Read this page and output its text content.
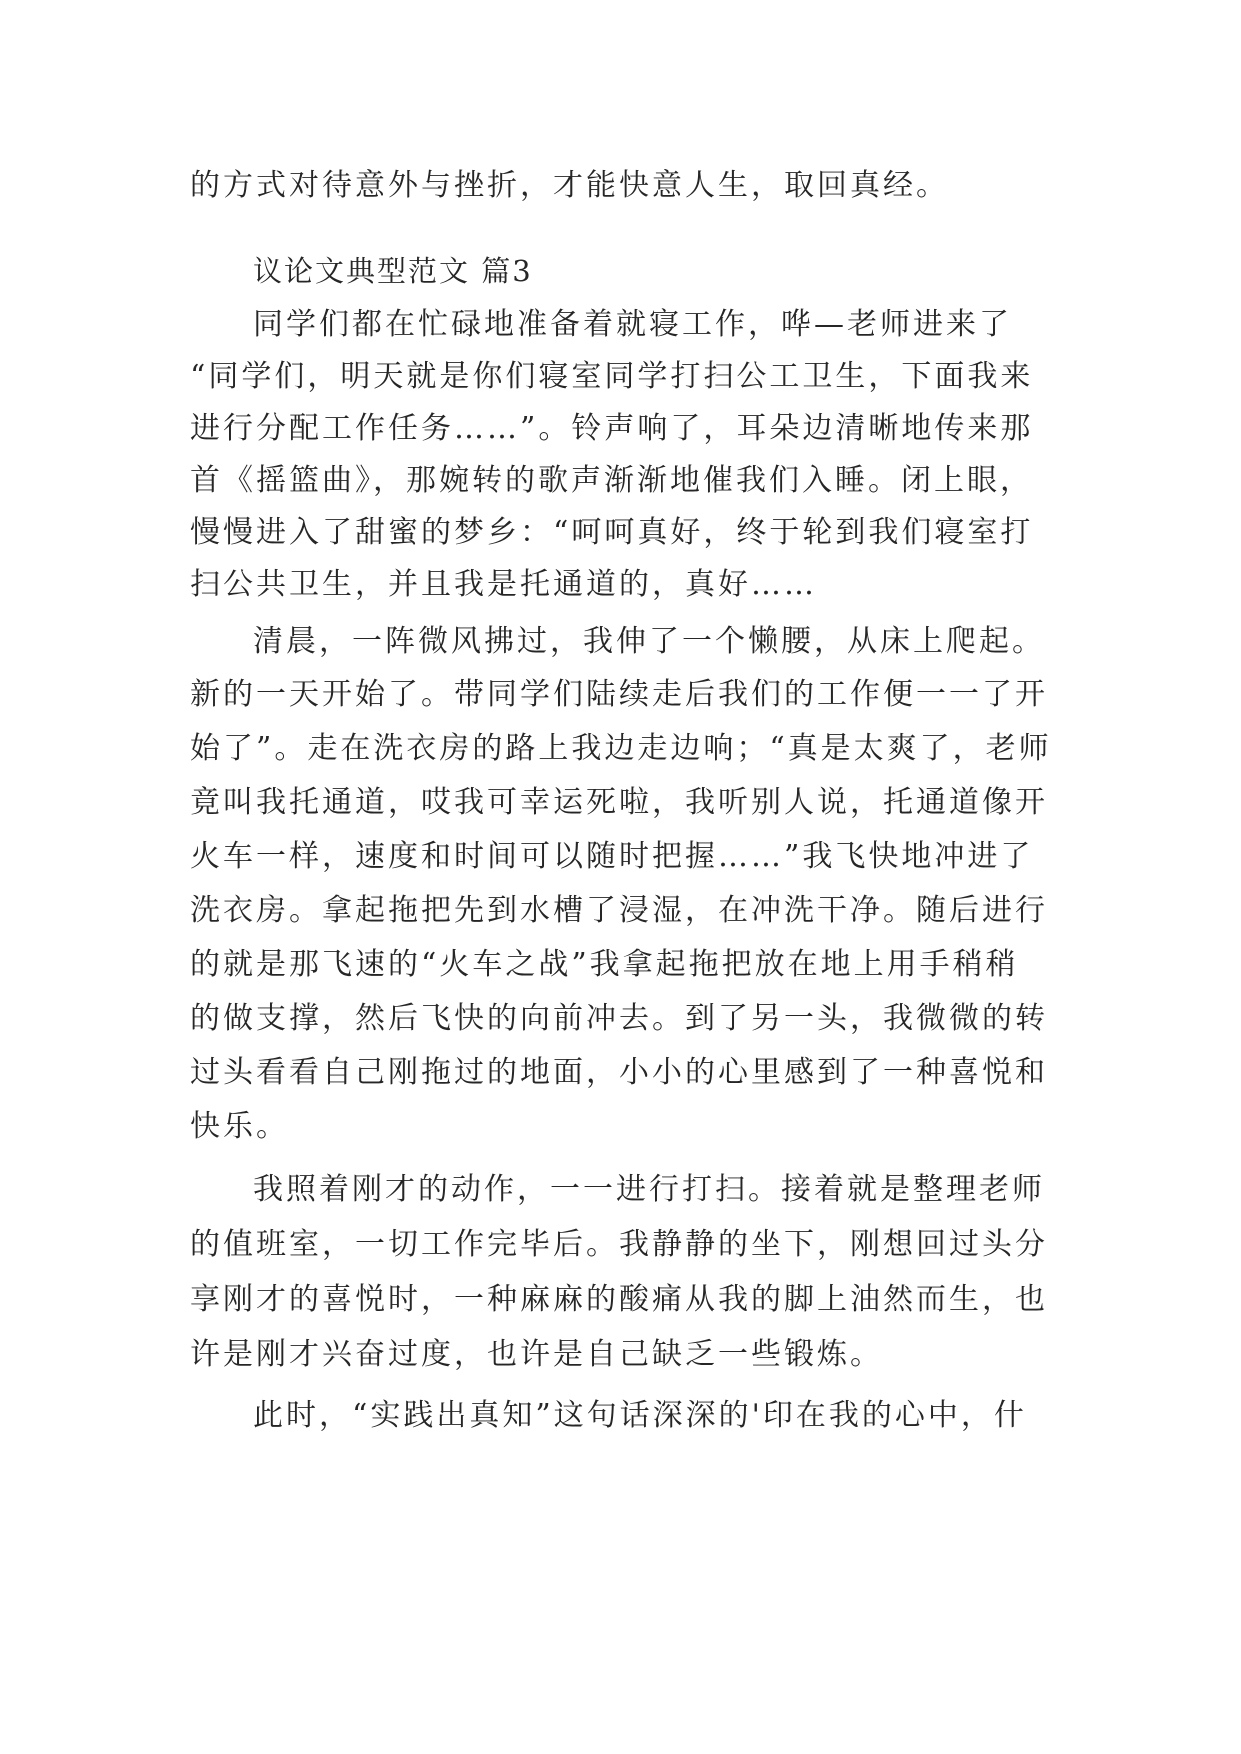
的方式对待意外与挫折，才能快意人生，取回真经。
议论文典型范文 篇3
同学们都在忙碌地准备着就寝工作，哗—老师进来了
“同学们，明天就是你们寝室同学打扫公工卫生，下面我来
进行分配工作任务……”。铃声响了，耳朵边清晰地传来那
首《摇篮曲》，那婉转的歌声渐渐地催我们入睡。闭上眼，
慢慢进入了甜蜜的梦乡：“呵呵真好，终于轮到我们寝室打
扫公共卫生，并且我是托通道的，真好……
清晨，一阵微风拂过，我伸了一个懒腰，从床上爬起。
新的一天开始了。带同学们陆续走后我们的工作便一一了开
始了”。走在洗衣房的路上我边走边响；“真是太爽了，老师
竟叫我托通道，哎我可幸运死啦，我听别人说，托通道像开
火车一样，速度和时间可以随时把握……”我飞快地冲进了
洗衣房。拿起拖把先到水槽了浸湿，在冲洗干净。随后进行
的就是那飞速的“火车之战”我拿起拖把放在地上用手稍稍
的做支撑，然后飞快的向前冲去。到了另一头，我微微的转
过头看看自己刚拖过的地面，小小的心里感到了一种喜悦和
快乐。
我照着刚才的动作，一一进行打扫。接着就是整理老师
的值班室，一切工作完毕后。我静静的坐下，刚想回过头分
享刚才的喜悦时，一种麻麻的酸痛从我的脚上油然而生，也
许是刚才兴奋过度，也许是自己缺乏一些锻炼。
此时，“实践出真知”这句话深深的'印在我的心中，什
